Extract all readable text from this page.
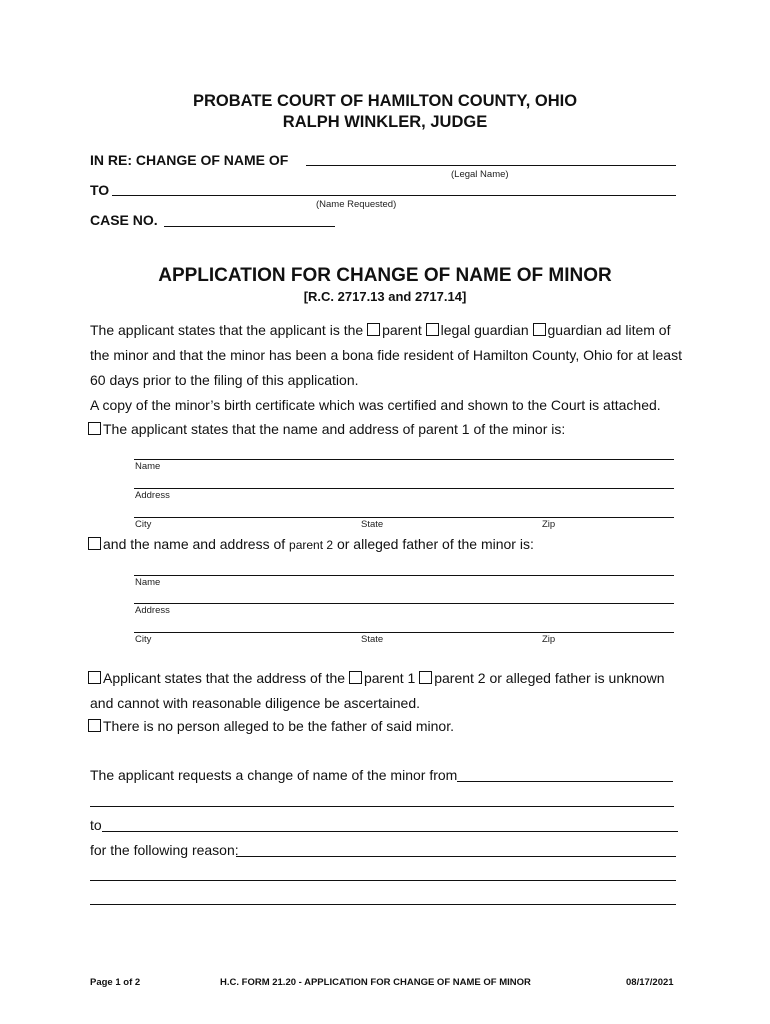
PROBATE COURT OF HAMILTON COUNTY, OHIO
RALPH WINKLER, JUDGE
IN RE: CHANGE OF NAME OF
(Legal Name)
TO
(Name Requested)
CASE NO.
APPLICATION FOR CHANGE OF NAME OF MINOR
[R.C. 2717.13 and 2717.14]
The applicant states that the applicant is the parent legal guardian guardian ad litem of
the minor and that the minor has been a bona fide resident of Hamilton County, Ohio for at least
60 days prior to the filing of this application.
A copy of the minor’s birth certificate which was certified and shown to the Court is attached.
The applicant states that the name and address of parent 1 of the minor is:
Name
Address
City	State	Zip
and the name and address of parent 2 or alleged father of the minor is:
Name
Address
City	State	Zip
Applicant states that the address of the parent 1 parent 2 or alleged father is unknown
and cannot with reasonable diligence be ascertained.
There is no person alleged to be the father of said minor.
The applicant requests a change of name of the minor from
to
for the following reason:
Page 1 of 2	H.C. FORM 21.20 - APPLICATION FOR CHANGE OF NAME OF MINOR	08/17/2021
